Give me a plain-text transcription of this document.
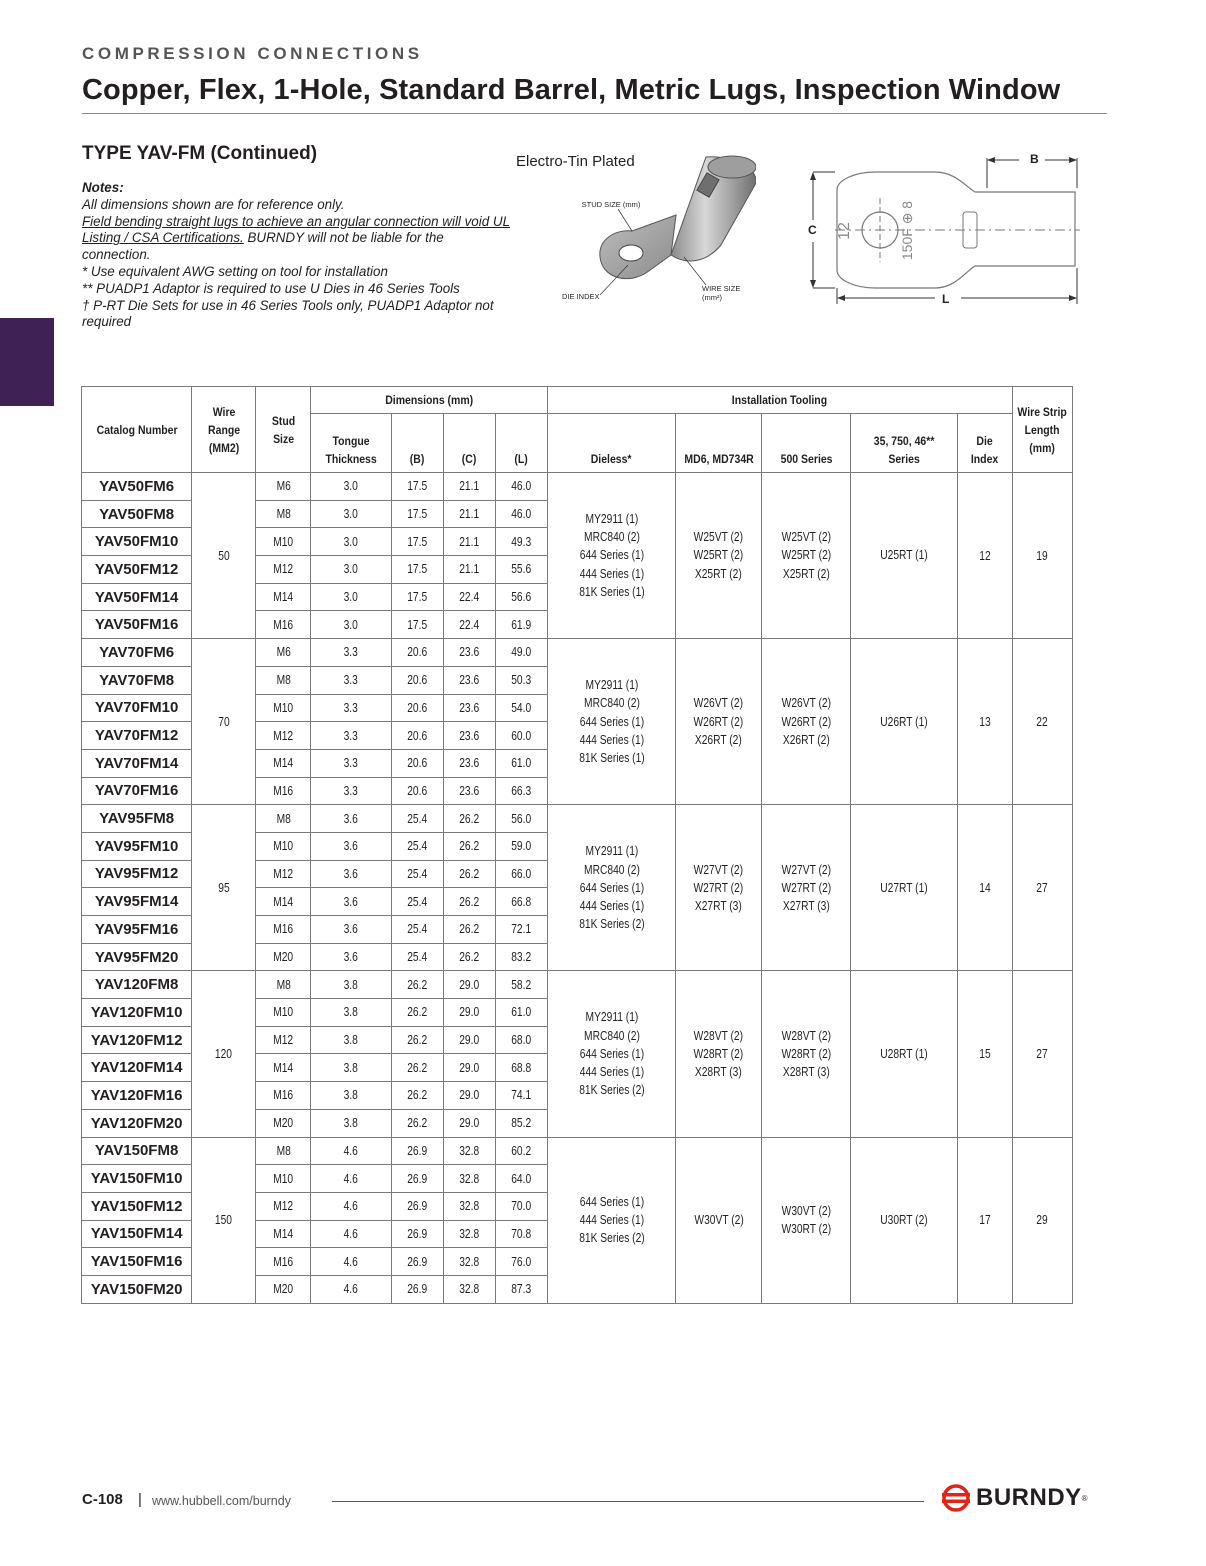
COMPRESSION CONNECTIONS
Copper, Flex, 1-Hole, Standard Barrel, Metric Lugs, Inspection Window
TYPE YAV-FM (Continued)
Notes:
All dimensions shown are for reference only.
Field bending straight lugs to achieve an angular connection will void UL Listing / CSA Certifications. BURNDY will not be liable for the connection.
* Use equivalent AWG setting on tool for installation
** PUADP1 Adaptor is required to use U Dies in 46 Series Tools
† P-RT Die Sets for use in 46 Series Tools only, PUADP1 Adaptor not required
Electro-Tin Plated
STUD SIZE (mm)
DIE INDEX
WIRE SIZE (mm²)
B
C
L
12	150F ⊕ 8
Catalog Number	Wire Range (MM2)	Stud Size	Dimensions (mm)				Installation Tooling					Wire Strip Length (mm)
			Tongue Thickness	(B)	(C)	(L)	Dieless*	MD6, MD734R	500 Series	35, 750, 46** Series	Die Index	
YAV50FM6	50	M6	3.0	17.5	21.1	46.0	MY2911 (1)
MRC840 (2)
644 Series (1)
444 Series (1)
81K Series (1)	W25VT (2)
W25RT (2)
X25RT (2)	W25VT (2)
W25RT (2)
X25RT (2)	U25RT (1)	12	19
YAV50FM8		M8	3.0	17.5	21.1	46.0						
YAV50FM10		M10	3.0	17.5	21.1	49.3						
YAV50FM12		M12	3.0	17.5	21.1	55.6						
YAV50FM14		M14	3.0	17.5	22.4	56.6						
YAV50FM16		M16	3.0	17.5	22.4	61.9						
YAV70FM6	70	M6	3.3	20.6	23.6	49.0	MY2911 (1)
MRC840 (2)
644 Series (1)
444 Series (1)
81K Series (1)	W26VT (2)
W26RT (2)
X26RT (2)	W26VT (2)
W26RT (2)
X26RT (2)	U26RT (1)	13	22
YAV70FM8		M8	3.3	20.6	23.6	50.3						
YAV70FM10		M10	3.3	20.6	23.6	54.0						
YAV70FM12		M12	3.3	20.6	23.6	60.0						
YAV70FM14		M14	3.3	20.6	23.6	61.0						
YAV70FM16		M16	3.3	20.6	23.6	66.3						
YAV95FM8	95	M8	3.6	25.4	26.2	56.0	MY2911 (1)
MRC840 (2)
644 Series (1)
444 Series (1)
81K Series (2)	W27VT (2)
W27RT (2)
X27RT (3)	W27VT (2)
W27RT (2)
X27RT (3)	U27RT (1)	14	27
YAV95FM10		M10	3.6	25.4	26.2	59.0						
YAV95FM12		M12	3.6	25.4	26.2	66.0						
YAV95FM14		M14	3.6	25.4	26.2	66.8						
YAV95FM16		M16	3.6	25.4	26.2	72.1						
YAV95FM20		M20	3.6	25.4	26.2	83.2						
YAV120FM8	120	M8	3.8	26.2	29.0	58.2	MY2911 (1)
MRC840 (2)
644 Series (1)
444 Series (1)
81K Series (2)	W28VT (2)
W28RT (2)
X28RT (3)	W28VT (2)
W28RT (2)
X28RT (3)	U28RT (1)	15	27
YAV120FM10		M10	3.8	26.2	29.0	61.0						
YAV120FM12		M12	3.8	26.2	29.0	68.0						
YAV120FM14		M14	3.8	26.2	29.0	68.8						
YAV120FM16		M16	3.8	26.2	29.0	74.1						
YAV120FM20		M20	3.8	26.2	29.0	85.2						
YAV150FM8	150	M8	4.6	26.9	32.8	60.2	644 Series (1)
444 Series (1)
81K Series (2)	W30VT (2)	W30VT (2)
W30RT (2)	U30RT (2)	17	29
YAV150FM10		M10	4.6	26.9	32.8	64.0						
YAV150FM12		M12	4.6	26.9	32.8	70.0						
YAV150FM14		M14	4.6	26.9	32.8	70.8						
YAV150FM16		M16	4.6	26.9	32.8	76.0						
YAV150FM20		M20	4.6	26.9	32.8	87.3						
C-108 | www.hubbell.com/burndy	BURNDY ®
